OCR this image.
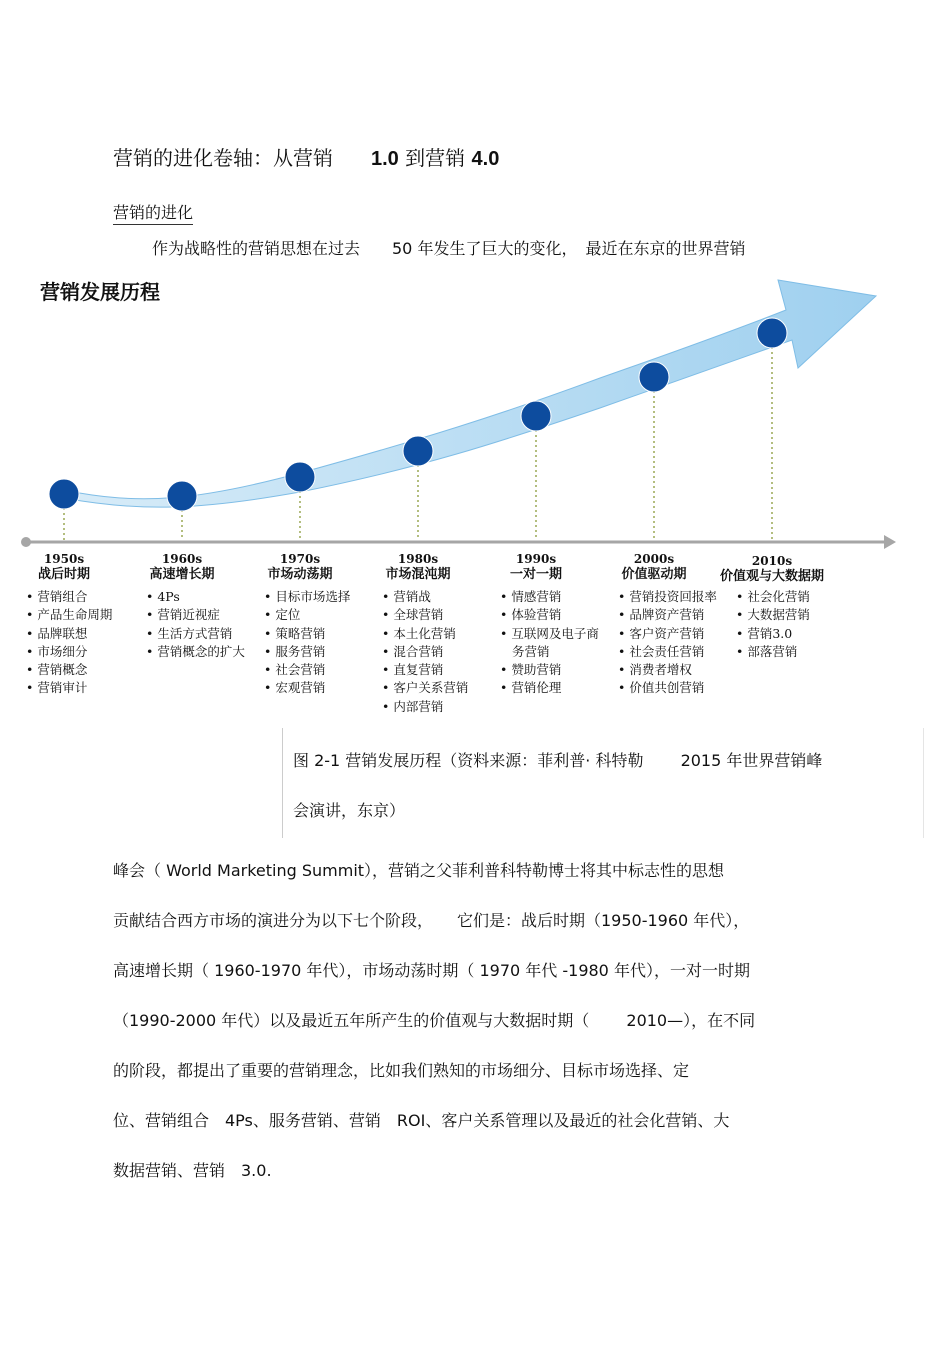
营销的进化卷轴：从营销 1.0 到营销 4.0
营销的进化
作为战略性的营销思想在过去　　50 年发生了巨大的变化，　最近在东京的世界营销
营销发展历程
1950s
战后时期
• 营销组合
• 产品生命周期
• 品牌联想
• 市场细分
• 营销概念
• 营销审计
1960s
高速增长期
• 4Ps
• 营销近视症
• 生活方式营销
• 营销概念的扩大
1970s
市场动荡期
• 目标市场选择
• 定位
• 策略营销
• 服务营销
• 社会营销
• 宏观营销
1980s
市场混沌期
• 营销战
• 全球营销
• 本土化营销
• 混合营销
• 直复营销
• 客户关系营销
• 内部营销
1990s
一对一期
• 情感营销
• 体验营销
• 互联网及电子商
务营销
• 赞助营销
• 营销伦理
2000s
价值驱动期
• 营销投资回报率
• 品牌资产营销
• 客户资产营销
• 社会责任营销
• 消费者增权
• 价值共创营销
2010s
价值观与大数据期
• 社会化营销
• 大数据营销
• 营销3.0
• 部落营销
图 2-1 营销发展历程（资料来源：菲利普· 科特勒　　 2015 年世界营销峰
会演讲，东京）
峰会（ World Marketing Summit），营销之父菲利普科特勒博士将其中标志性的思想
贡献结合西方市场的演进分为以下七个阶段，　　它们是：战后时期（1950-1960 年代），
高速增长期（ 1960-1970 年代），市场动荡时期（ 1970 年代 -1980 年代），一对一时期
（1990-2000 年代）以及最近五年所产生的价值观与大数据时期（　　 2010—），在不同
的阶段，都提出了重要的营销理念，比如我们熟知的市场细分、目标市场选择、定
位、营销组合　4Ps、服务营销、营销　ROI、客户关系管理以及最近的社会化营销、大
数据营销、营销　3.0.
